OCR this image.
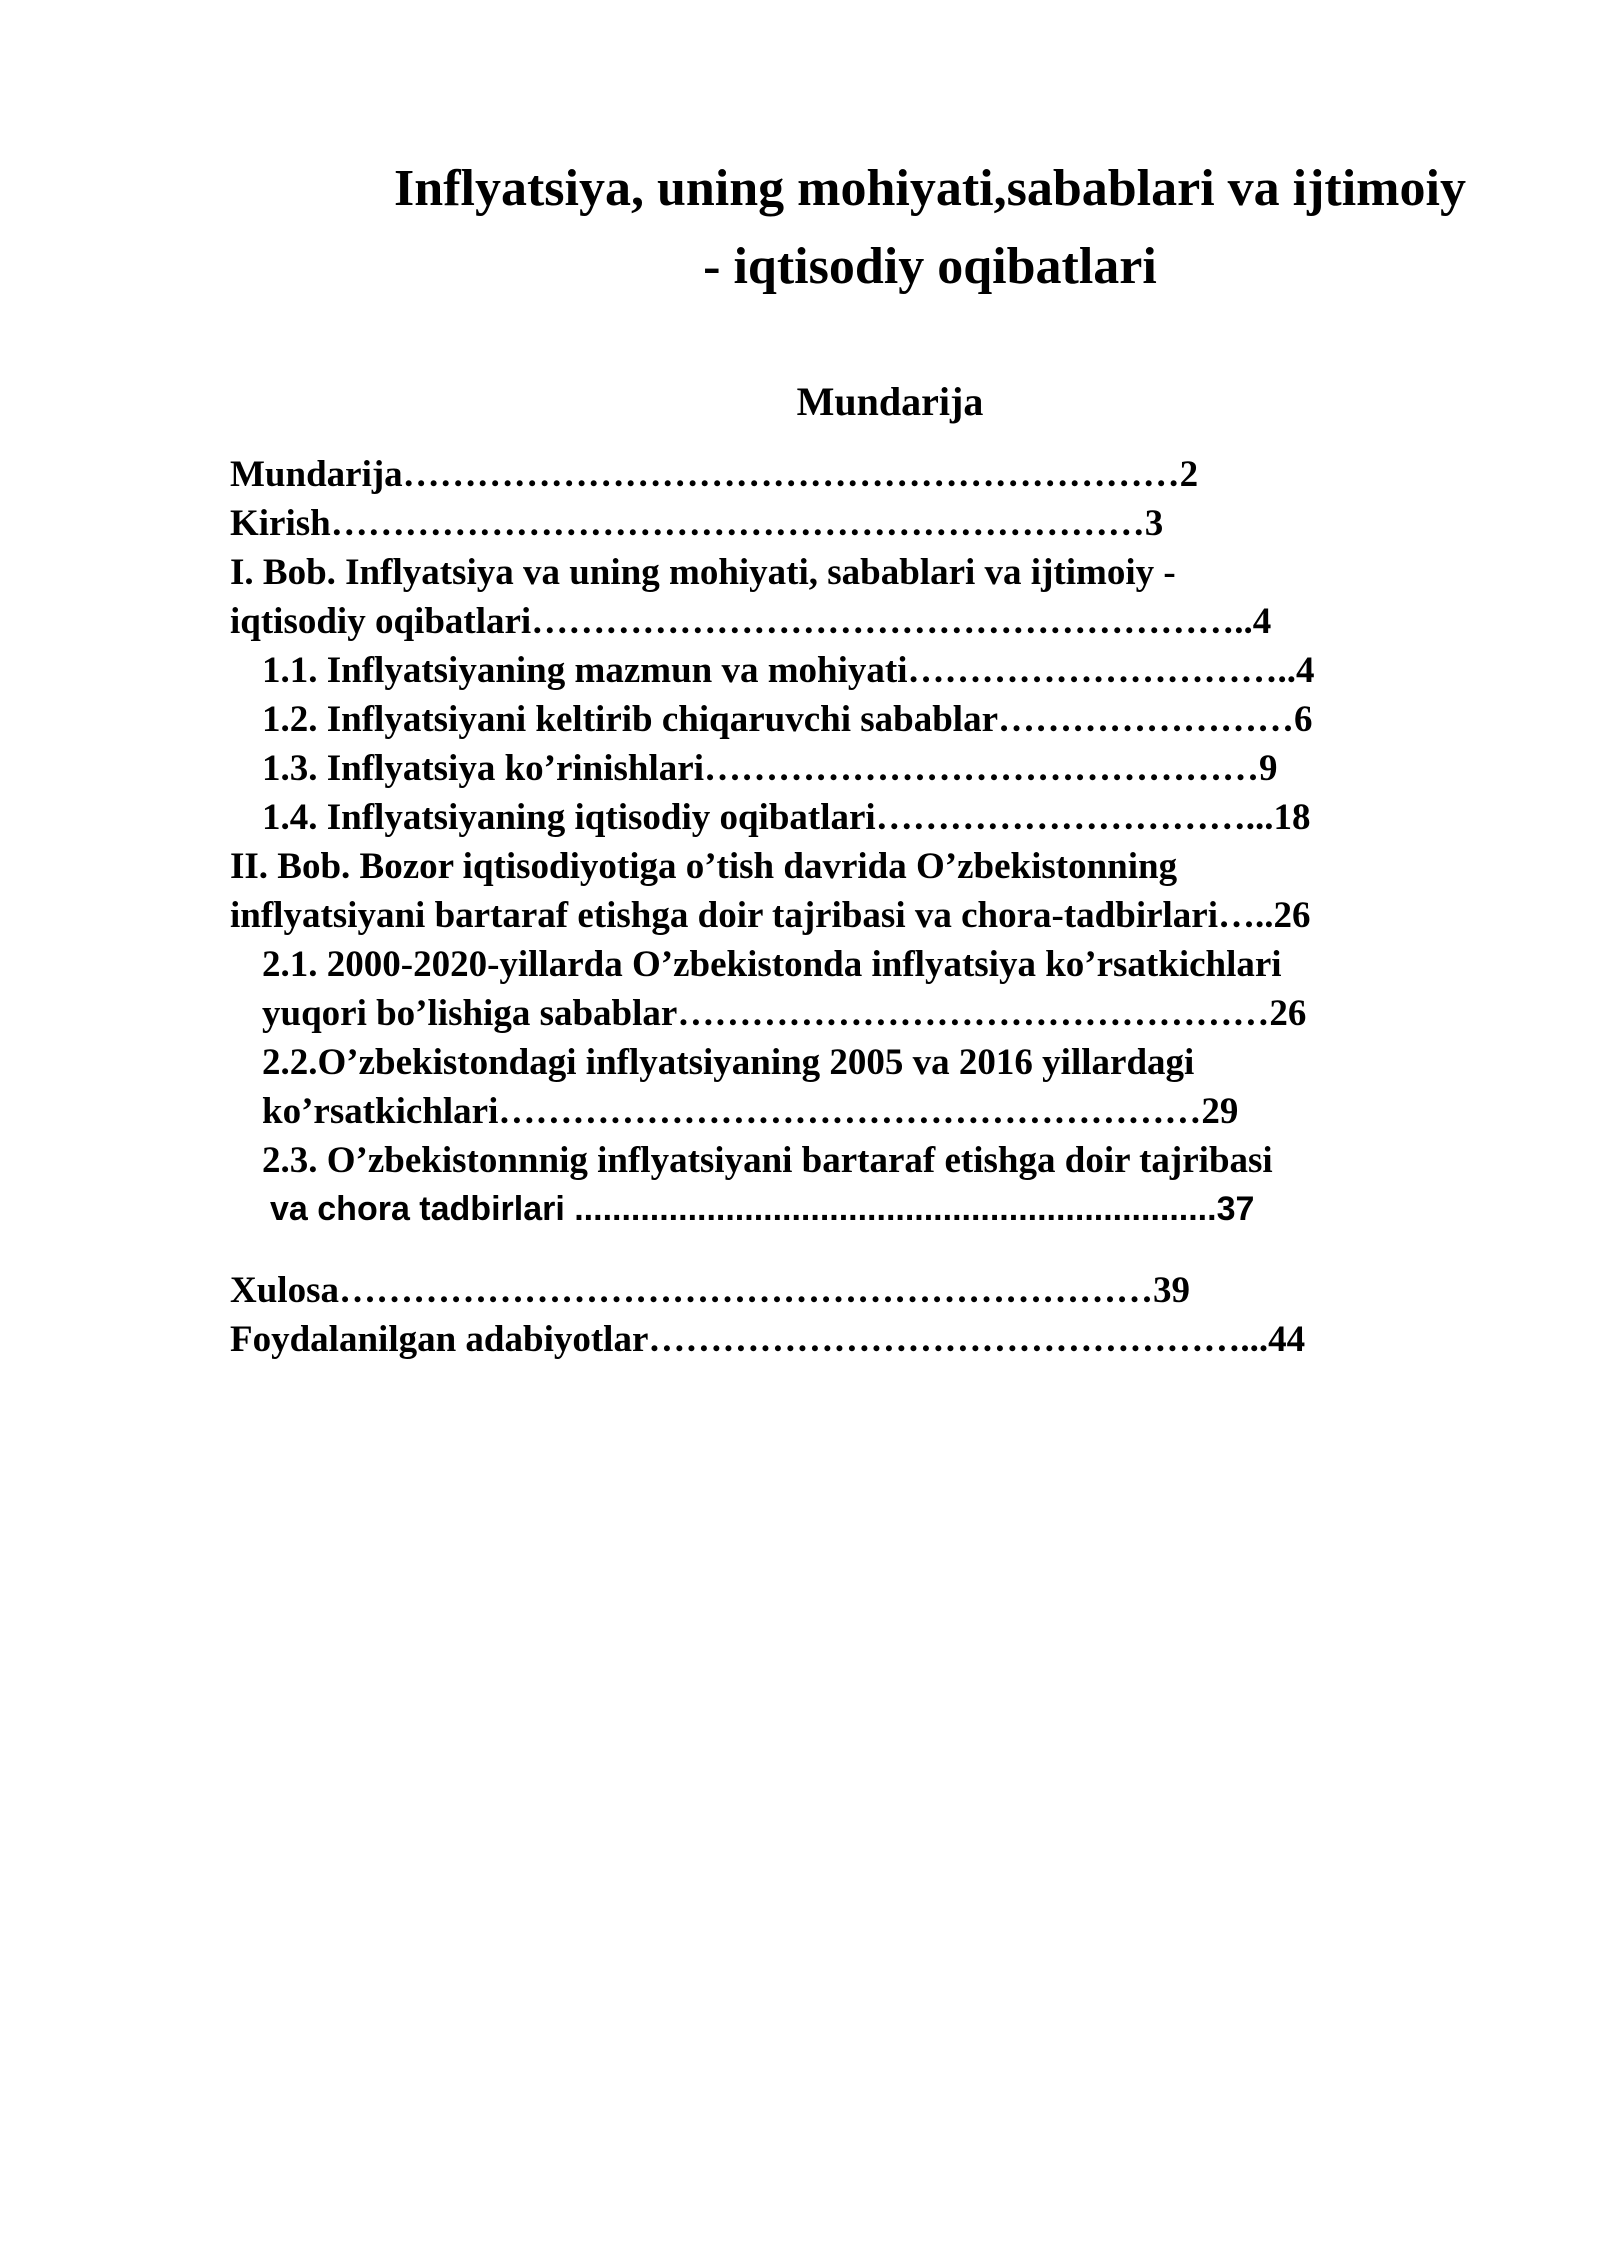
Inflyatsiya, uning mohiyati,sabablari va ijtimoiy
- iqtisodiy oqibatlari
Mundarija
Mundarija………………………………………………………2
Kirish…………………………………………………………3
I. Bob. Inflyatsiya va uning mohiyati, sabablari va ijtimoiy -
iqtisodiy oqibatlari…………………………………………………..4
1.1. Inflyatsiyaning mazmun va mohiyati…………………………..4
1.2. Inflyatsiyani keltirib chiqaruvchi sabablar……………………6
1.3. Inflyatsiya ko’rinishlari………………………………………9
1.4. Inflyatsiyaning iqtisodiy oqibatlari…………………………...18
II. Bob. Bozor iqtisodiyotiga o’tish davrida O’zbekistonning
inflyatsiyani bartaraf etishga doir tajribasi va chora-tadbirlari…..26
2.1. 2000-2020-yillarda O’zbekistonda inflyatsiya ko’rsatkichlari
yuqori bo’lishiga sabablar…………………………………………26
2.2.O’zbekistondagi inflyatsiyaning 2005 va 2016 yillardagi
ko’rsatkichlari…………………………………………………29
2.3. O’zbekistonnnig inflyatsiyani bartaraf etishga doir tajribasi
va chora tadbirlari ....................................................................37
Xulosa…………………………………………………………39
Foydalanilgan adabiyotlar…………………………………………...44
